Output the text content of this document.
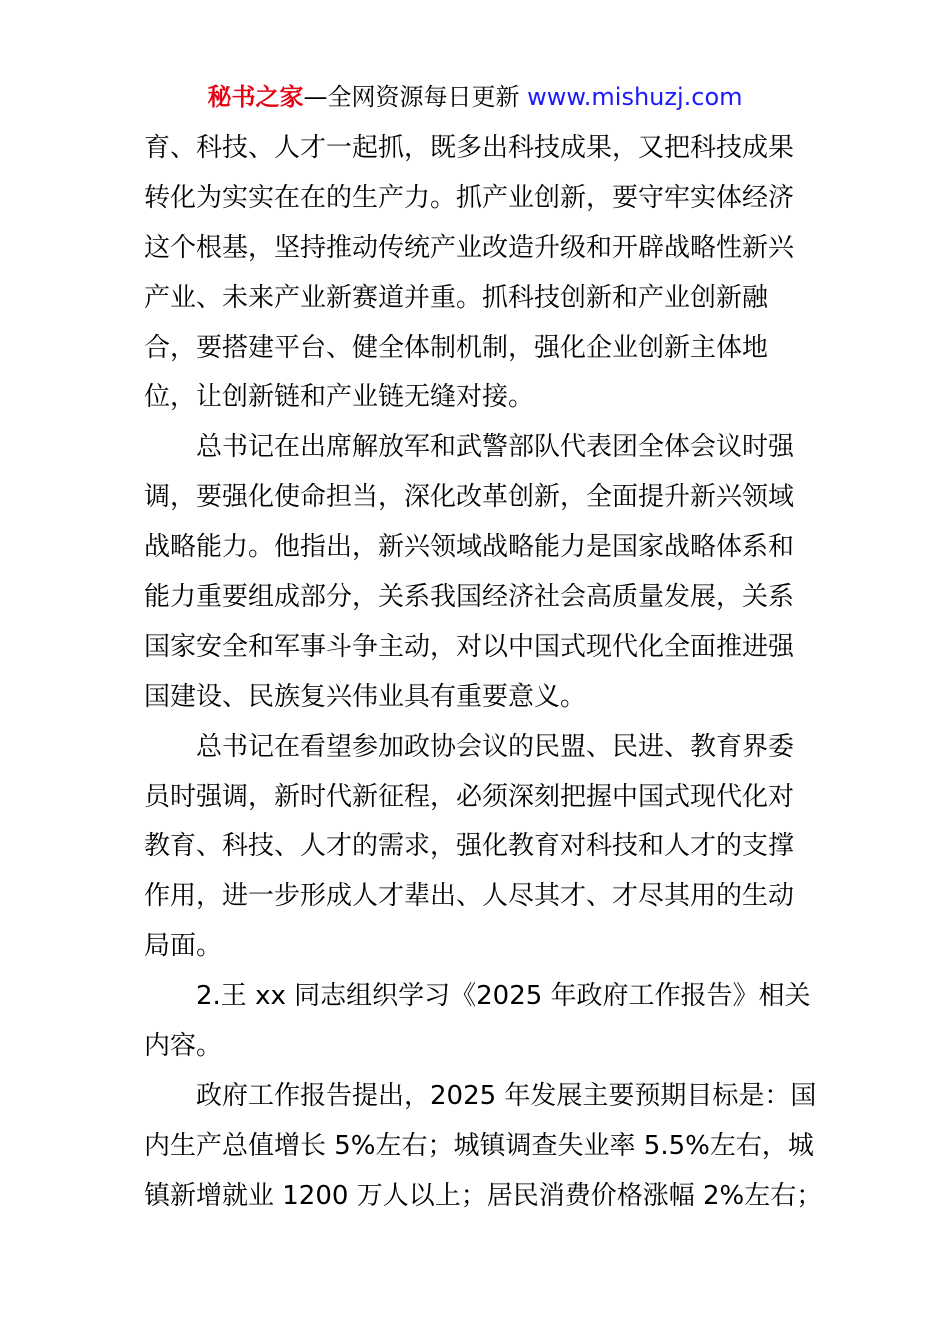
秘书之家—全网资源每日更新 www.mishuzj.com
育、科技、人才一起抓，既多出科技成果，又把科技成果
转化为实实在在的生产力。抓产业创新，要守牢实体经济
这个根基，坚持推动传统产业改造升级和开辟战略性新兴
产业、未来产业新赛道并重。抓科技创新和产业创新融
合，要搭建平台、健全体制机制，强化企业创新主体地
位，让创新链和产业链无缝对接。
总书记在出席解放军和武警部队代表团全体会议时强
调，要强化使命担当，深化改革创新，全面提升新兴领域
战略能力。他指出，新兴领域战略能力是国家战略体系和
能力重要组成部分，关系我国经济社会高质量发展，关系
国家安全和军事斗争主动，对以中国式现代化全面推进强
国建设、民族复兴伟业具有重要意义。
总书记在看望参加政协会议的民盟、民进、教育界委
员时强调，新时代新征程，必须深刻把握中国式现代化对
教育、科技、人才的需求，强化教育对科技和人才的支撑
作用，进一步形成人才辈出、人尽其才、才尽其用的生动
局面。
2.王 xx 同志组织学习《2025 年政府工作报告》相关
内容。
政府工作报告提出，2025 年发展主要预期目标是：国
内生产总值增长 5%左右；城镇调查失业率 5.5%左右，城
镇新增就业 1200 万人以上；居民消费价格涨幅 2%左右；
